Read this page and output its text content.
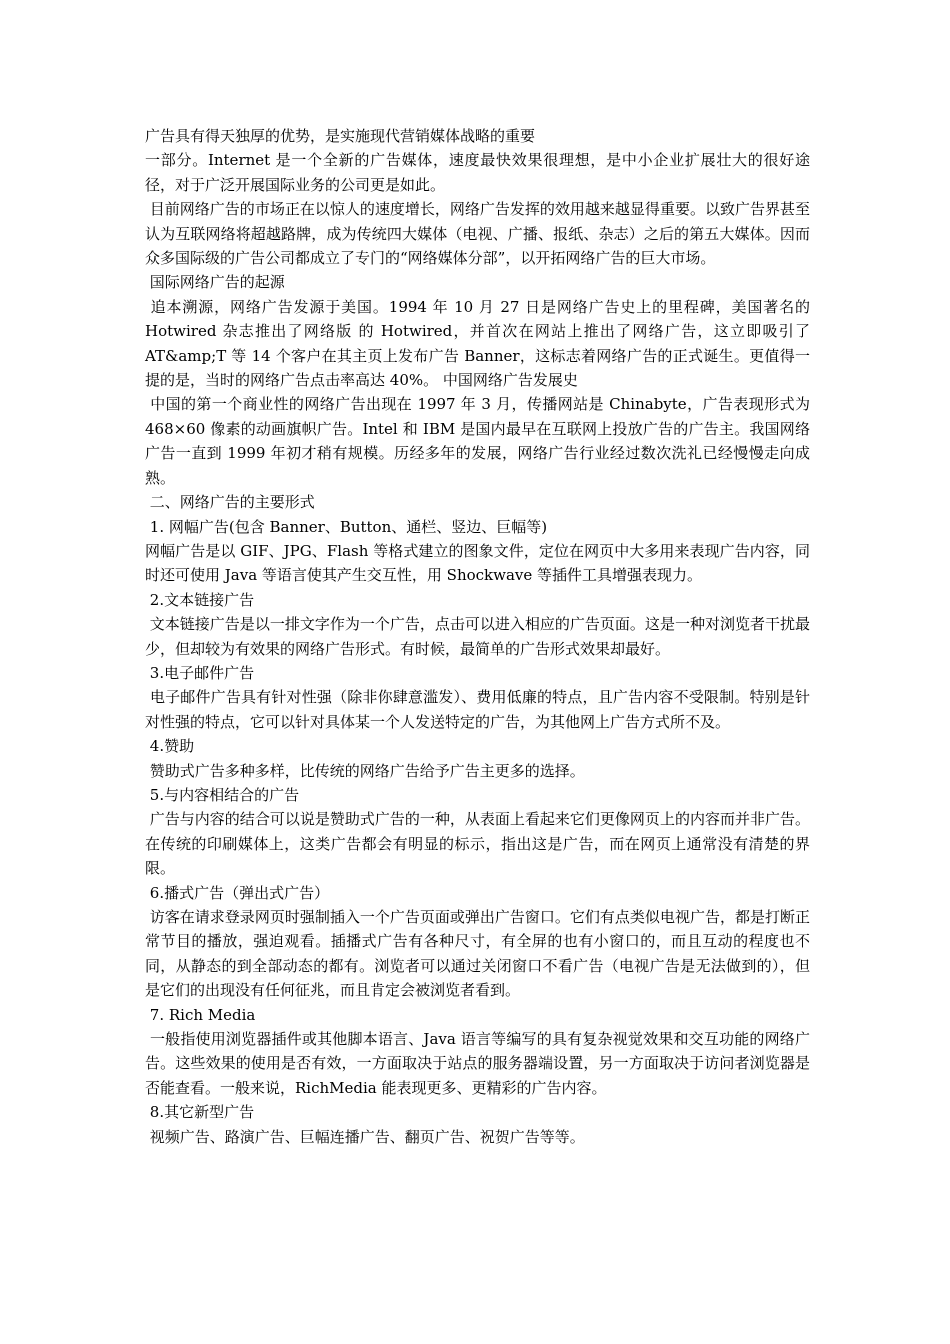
广告具有得天独厚的优势，是实施现代营销媒体战略的重要

一部分。Internet 是一个全新的广告媒体，速度最快效果很理想，是中小企业扩展壮大的很好途径，对于广泛开展国际业务的公司更是如此。

目前网络广告的市场正在以惊人的速度增长，网络广告发挥的效用越来越显得重要。以致广告界甚至认为互联网络将超越路牌，成为传统四大媒体（电视、广播、报纸、杂志）之后的第五大媒体。因而众多国际级的广告公司都成立了专门的“网络媒体分部”，以开拓网络广告的巨大市场。

国际网络广告的起源

追本溯源，网络广告发源于美国。1994 年 10 月 27 日是网络广告史上的里程碑，美国著名的 Hotwired 杂志推出了网络版 的 Hotwired，并首次在网站上推出了网络广告，这立即吸引了 AT&amp;T 等 14 个客户在其主页上发布广告 Banner，这标志着网络广告的正式诞生。更值得一提的是，当时的网络广告点击率高达 40%。 中国网络广告发展史

中国的第一个商业性的网络广告出现在 1997 年 3 月，传播网站是 Chinabyte，广告表现形式为 468×60 像素的动画旗帜广告。Intel 和 IBM 是国内最早在互联网上投放广告的广告主。我国网络广告一直到 1999 年初才稍有规模。历经多年的发展，网络广告行业经过数次洗礼已经慢慢走向成熟。

二、网络广告的主要形式

1. 网幅广告(包含 Banner、Button、通栏、竖边、巨幅等)

网幅广告是以 GIF、JPG、Flash 等格式建立的图象文件，定位在网页中大多用来表现广告内容，同时还可使用 Java 等语言使其产生交互性，用 Shockwave 等插件工具增强表现力。

2.文本链接广告

文本链接广告是以一排文字作为一个广告，点击可以进入相应的广告页面。这是一种对浏览者干扰最少，但却较为有效果的网络广告形式。有时候，最简单的广告形式效果却最好。

3.电子邮件广告

电子邮件广告具有针对性强（除非你肆意滥发）、费用低廉的特点，且广告内容不受限制。特别是针对性强的特点，它可以针对具体某一个人发送特定的广告，为其他网上广告方式所不及。

4.赞助

赞助式广告多种多样，比传统的网络广告给予广告主更多的选择。

5.与内容相结合的广告

广告与内容的结合可以说是赞助式广告的一种，从表面上看起来它们更像网页上的内容而并非广告。在传统的印刷媒体上，这类广告都会有明显的标示，指出这是广告，而在网页上通常没有清楚的界限。

6.播式广告（弹出式广告）

访客在请求登录网页时强制插入一个广告页面或弹出广告窗口。它们有点类似电视广告，都是打断正常节目的播放，强迫观看。插播式广告有各种尺寸，有全屏的也有小窗口的，而且互动的程度也不同，从静态的到全部动态的都有。浏览者可以通过关闭窗口不看广告（电视广告是无法做到的），但是它们的出现没有任何征兆，而且肯定会被浏览者看到。

7. Rich Media

一般指使用浏览器插件或其他脚本语言、Java 语言等编写的具有复杂视觉效果和交互功能的网络广告。这些效果的使用是否有效，一方面取决于站点的服务器端设置，另一方面取决于访问者浏览器是否能查看。一般来说，RichMedia 能表现更多、更精彩的广告内容。

8.其它新型广告

视频广告、路演广告、巨幅连播广告、翻页广告、祝贺广告等等。
